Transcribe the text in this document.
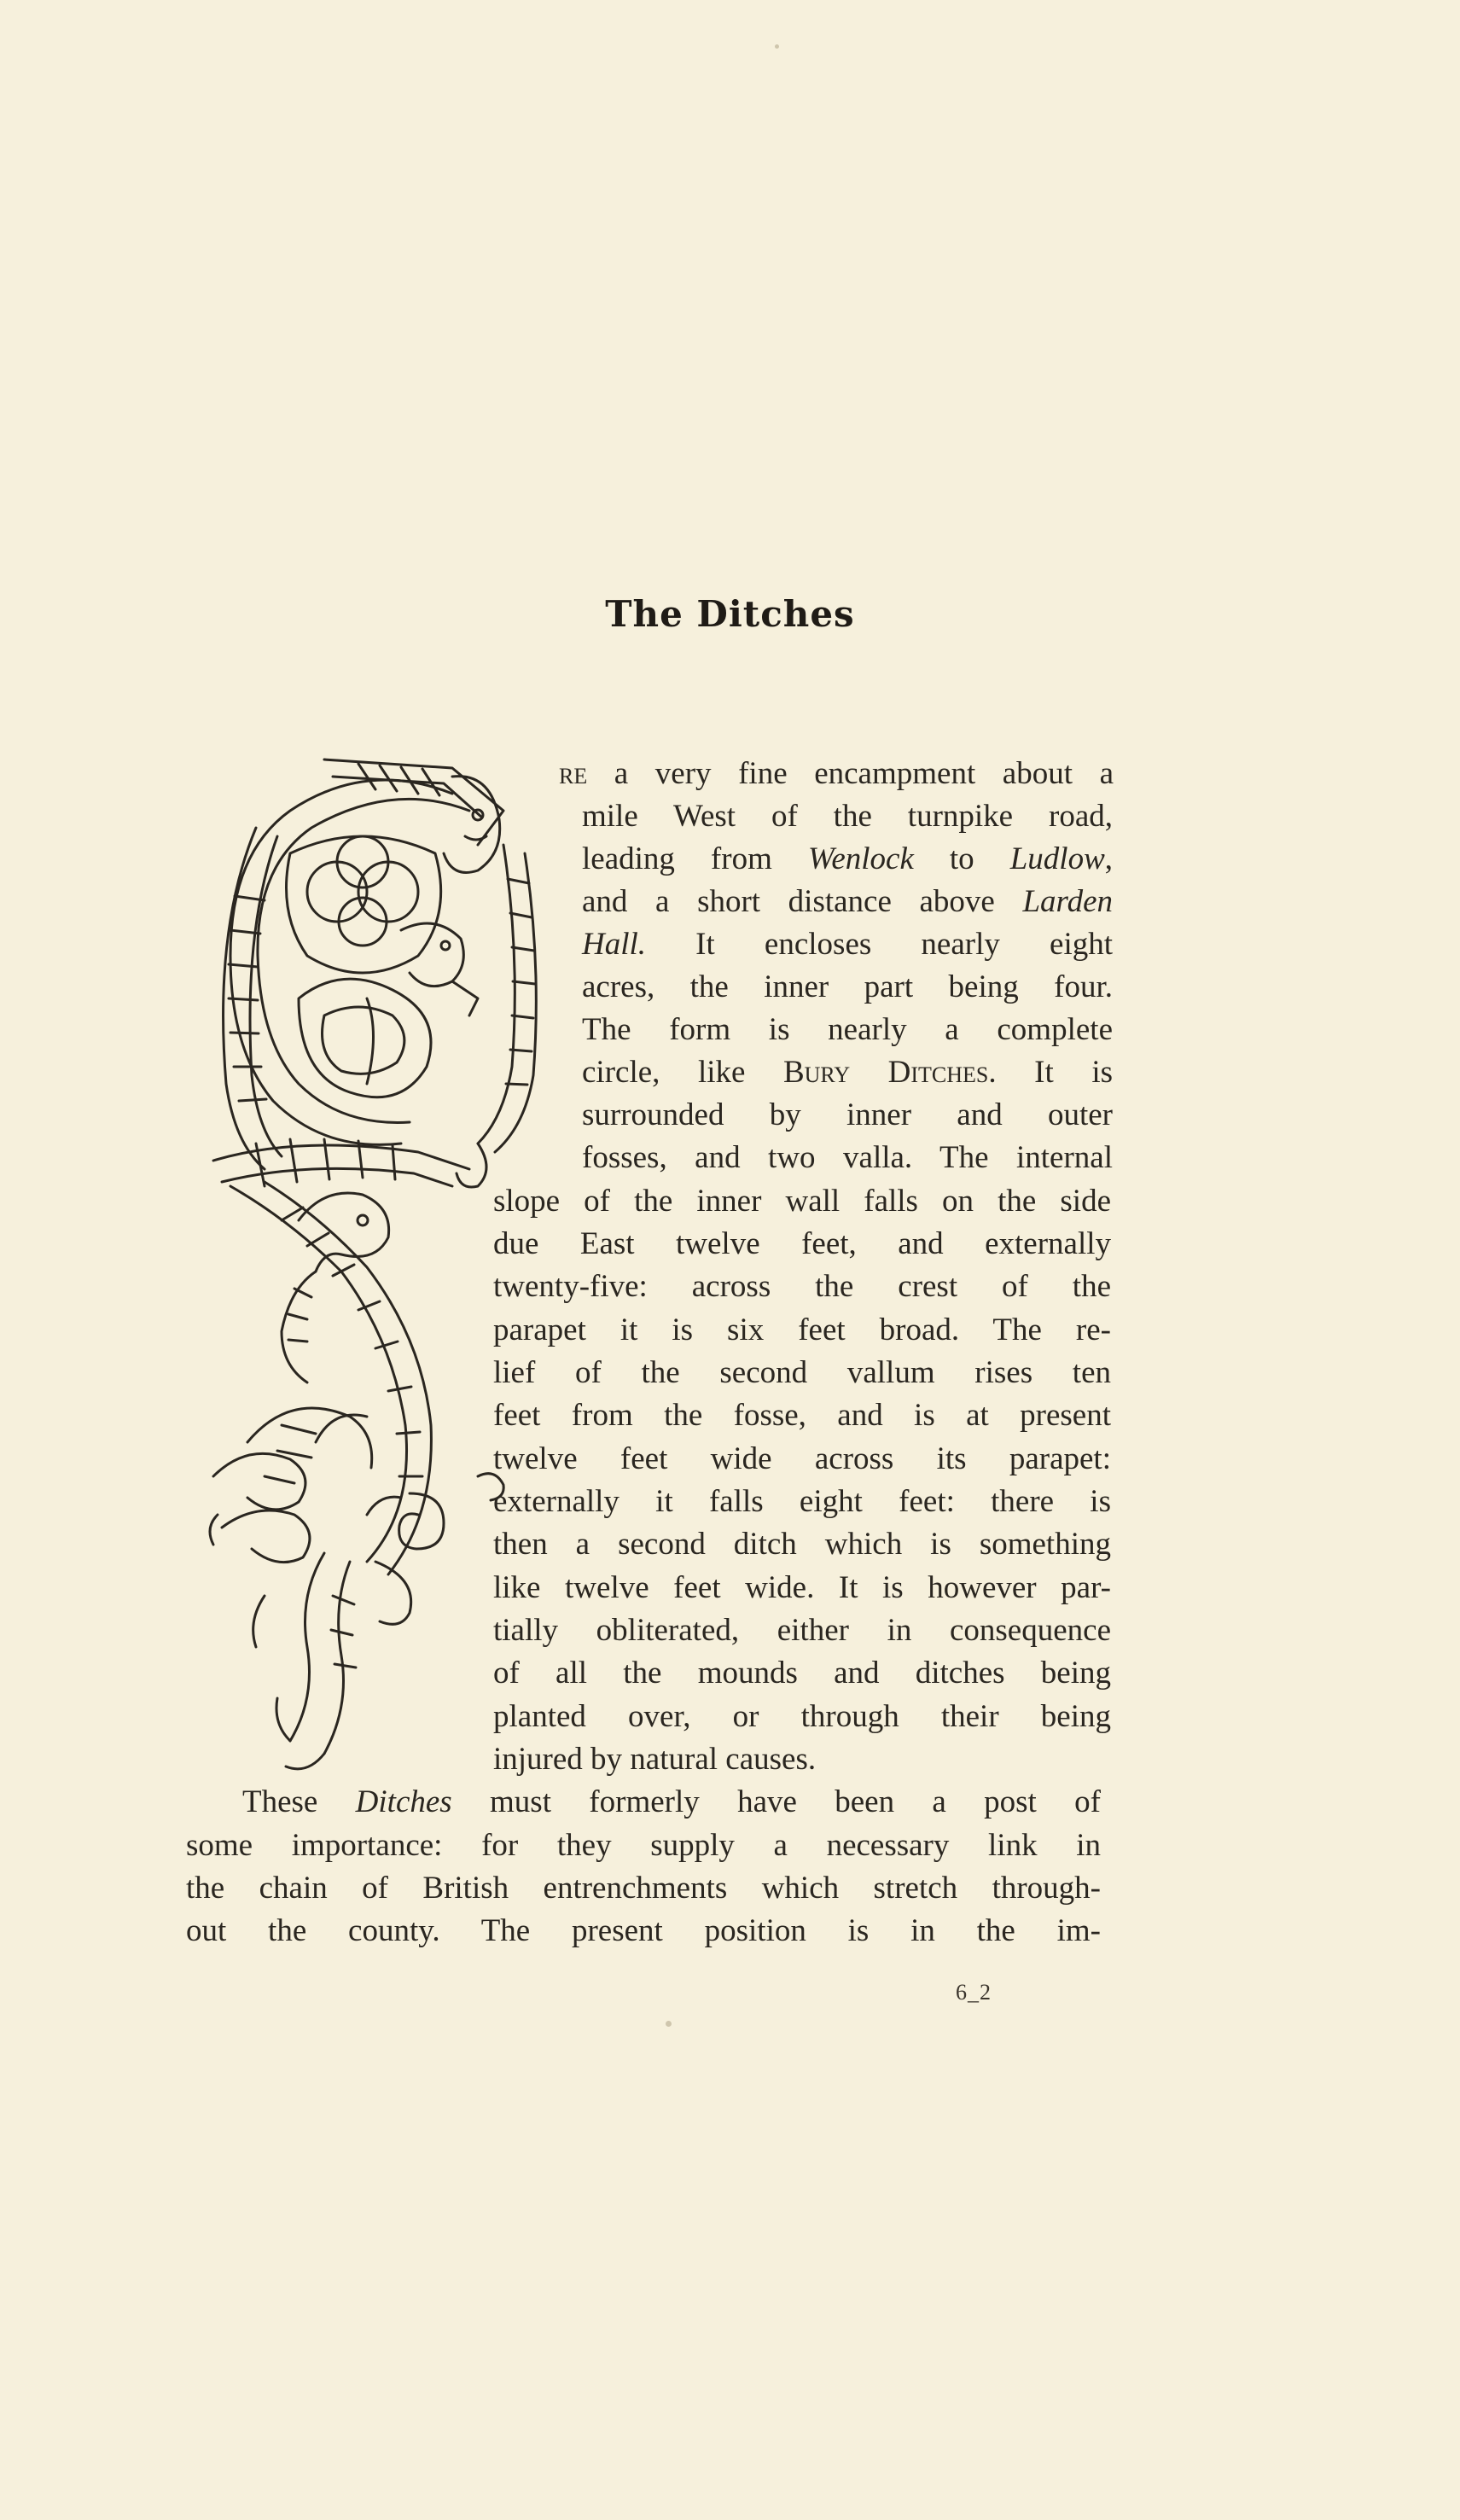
The Ditches
re a very fine encampment about a
mile West of the turnpike road,
leading from Wenlock to Ludlow,
and a short distance above Larden
Hall. It encloses nearly eight
acres, the inner part being four.
The form is nearly a complete
circle, like Bury Ditches. It is
surrounded by inner and outer
fosses, and two valla. The internal
slope of the inner wall falls on the side
due East twelve feet, and externally
twenty-five: across the crest of the
parapet it is six feet broad. The re-
lief of the second vallum rises ten
feet from the fosse, and is at present
twelve feet wide across its parapet:
externally it falls eight feet: there is
then a second ditch which is something
like twelve feet wide. It is however par-
tially obliterated, either in consequence
of all the mounds and ditches being
planted over, or through their being
injured by natural causes.
These Ditches must formerly have been a post of
some importance: for they supply a necessary link in
the chain of British entrenchments which stretch through-
out the county. The present position is in the im-
6_2
